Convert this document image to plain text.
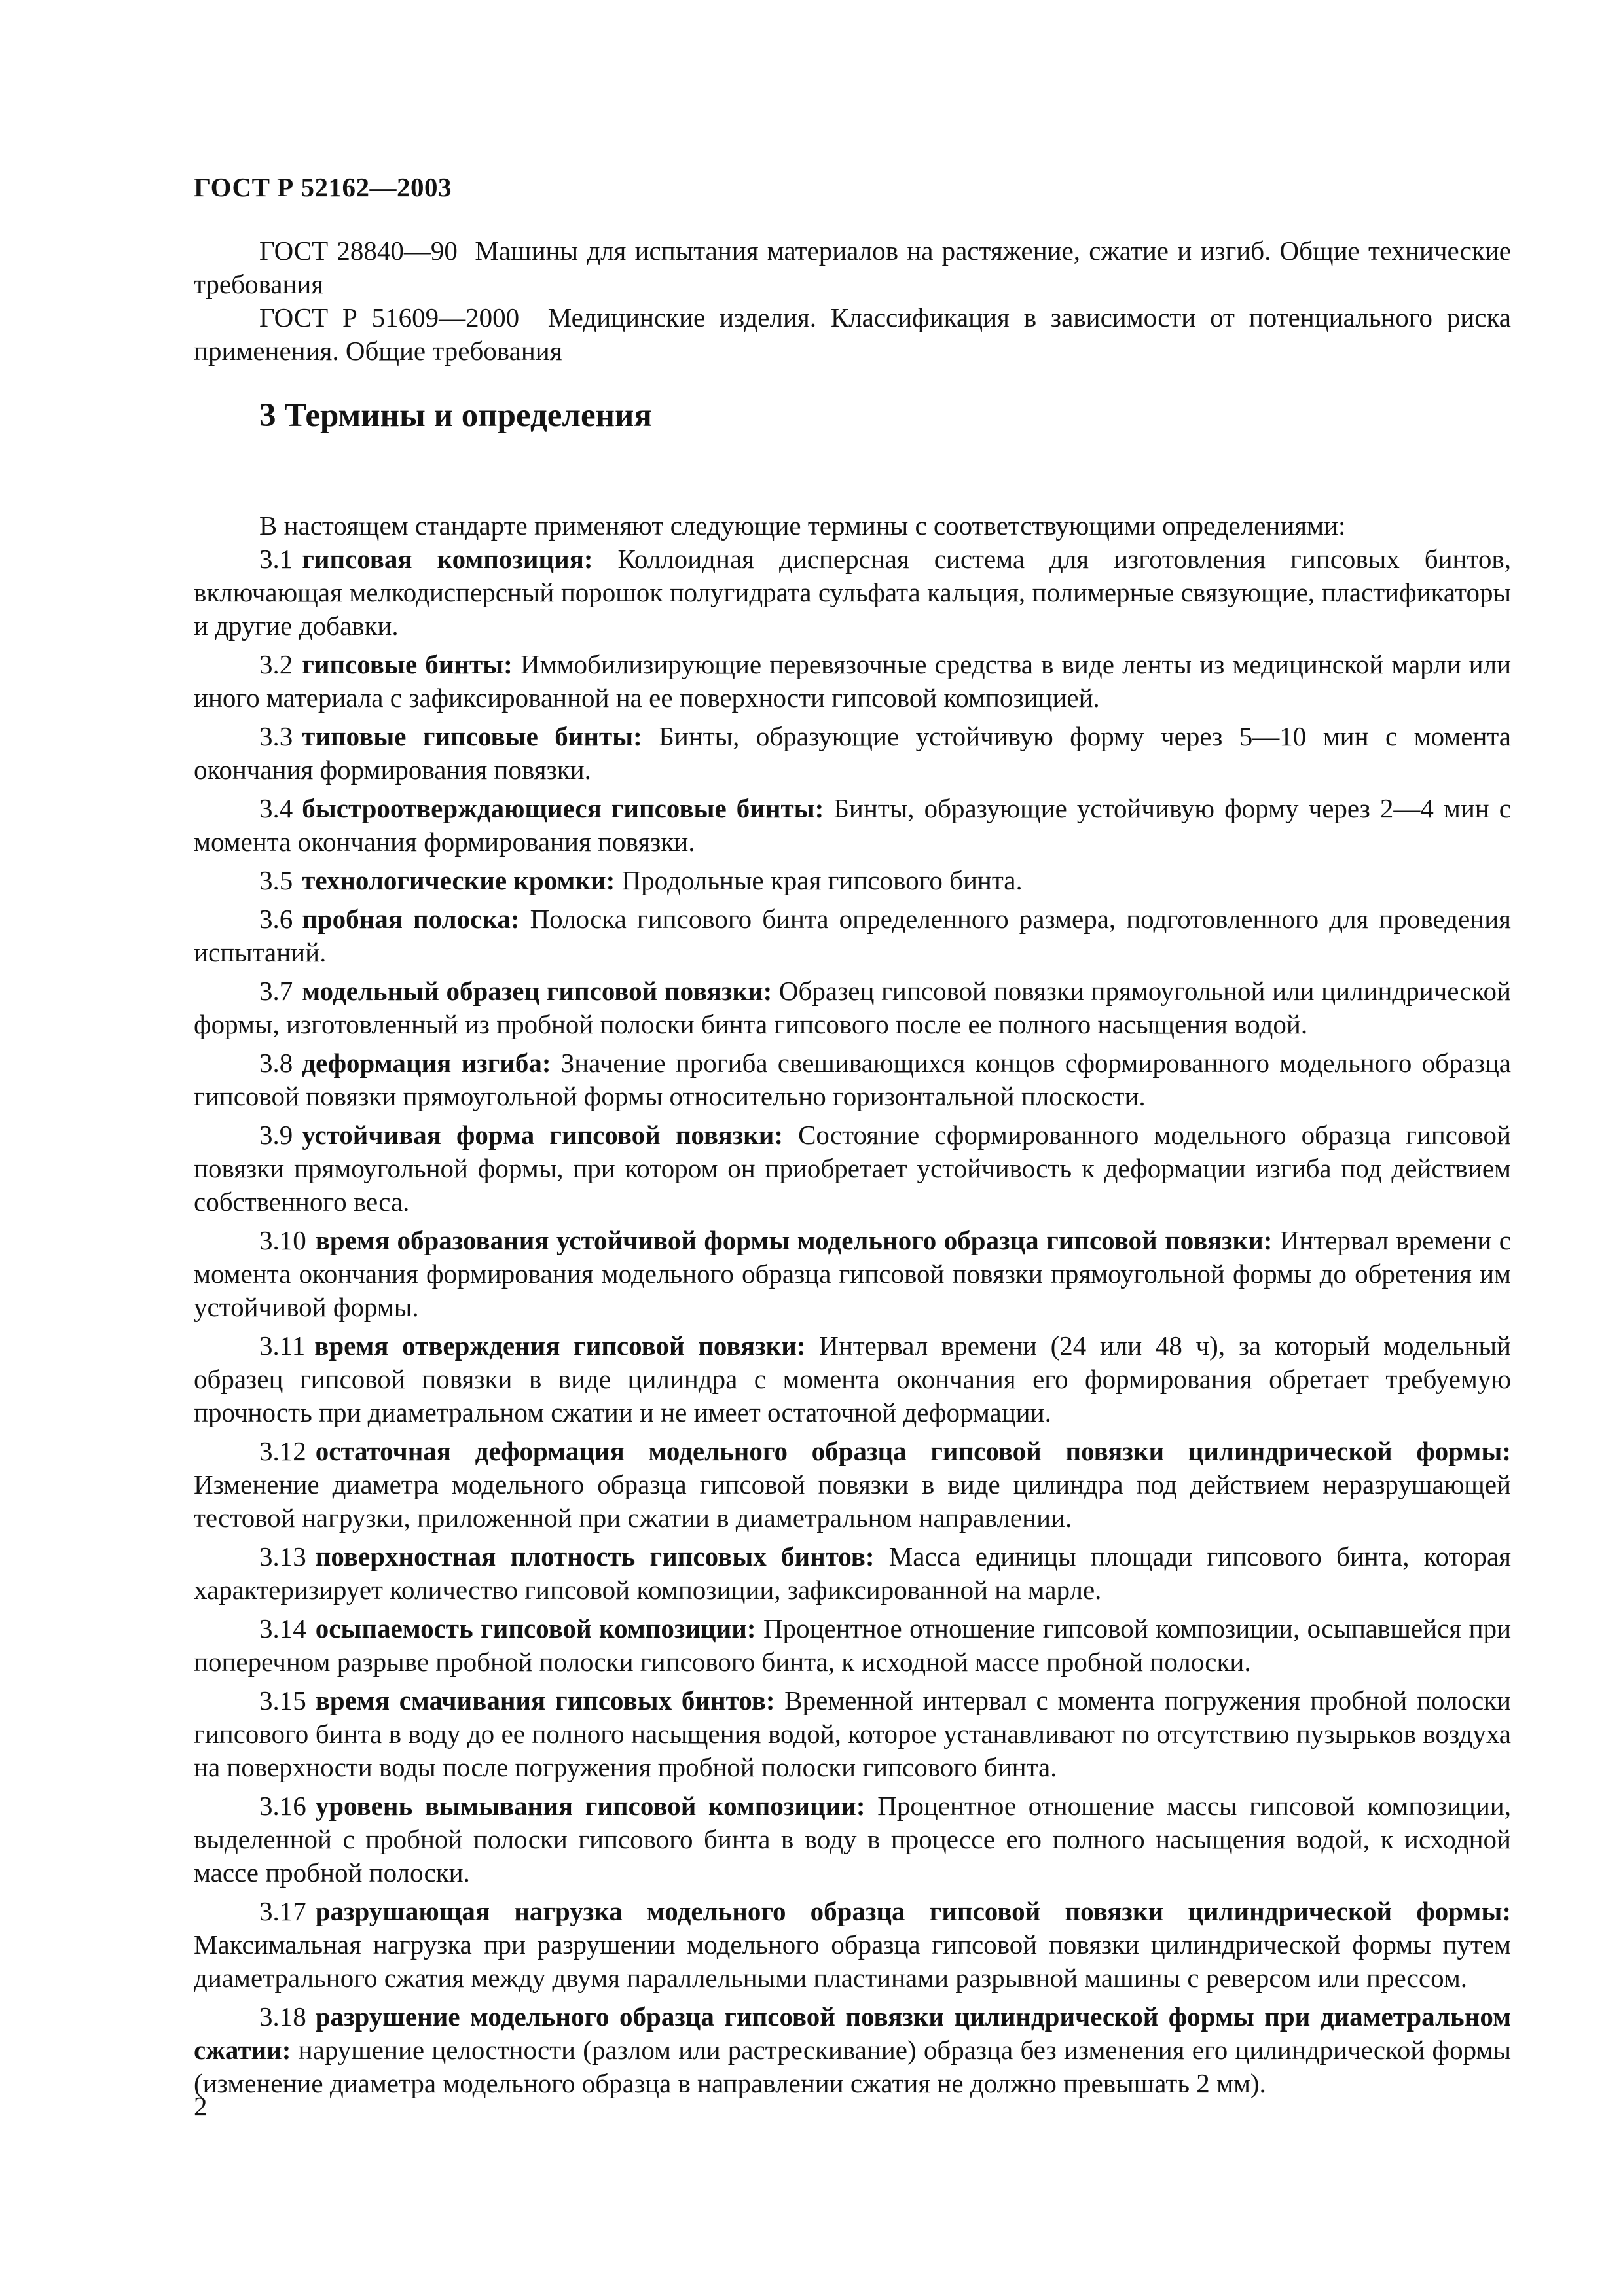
ГОСТ Р 52162—2003

ГОСТ 28840—90 Машины для испытания материалов на растяжение, сжатие и изгиб. Общие технические требования

ГОСТ Р 51609—2000 Медицинские изделия. Классификация в зависимости от потенциального риска применения. Общие требования

3 Термины и определения

В настоящем стандарте применяют следующие термины с соответствующими определениями:

3.1 гипсовая композиция: Коллоидная дисперсная система для изготовления гипсовых бинтов, включающая мелкодисперсный порошок полугидрата сульфата кальция, полимерные связующие, пластификаторы и другие добавки.

3.2 гипсовые бинты: Иммобилизирующие перевязочные средства в виде ленты из медицинской марли или иного материала с зафиксированной на ее поверхности гипсовой композицией.

3.3 типовые гипсовые бинты: Бинты, образующие устойчивую форму через 5—10 мин с момента окончания формирования повязки.

3.4 быстроотверждающиеся гипсовые бинты: Бинты, образующие устойчивую форму через 2—4 мин с момента окончания формирования повязки.

3.5 технологические кромки: Продольные края гипсового бинта.

3.6 пробная полоска: Полоска гипсового бинта определенного размера, подготовленного для проведения испытаний.

3.7 модельный образец гипсовой повязки: Образец гипсовой повязки прямоугольной или цилиндрической формы, изготовленный из пробной полоски бинта гипсового после ее полного насыщения водой.

3.8 деформация изгиба: Значение прогиба свешивающихся концов сформированного модельного образца гипсовой повязки прямоугольной формы относительно горизонтальной плоскости.

3.9 устойчивая форма гипсовой повязки: Состояние сформированного модельного образца гипсовой повязки прямоугольной формы, при котором он приобретает устойчивость к деформации изгиба под действием собственного веса.

3.10 время образования устойчивой формы модельного образца гипсовой повязки: Интервал времени с момента окончания формирования модельного образца гипсовой повязки прямоугольной формы до обретения им устойчивой формы.

3.11 время отверждения гипсовой повязки: Интервал времени (24 или 48 ч), за который модельный образец гипсовой повязки в виде цилиндра с момента окончания его формирования обретает требуемую прочность при диаметральном сжатии и не имеет остаточной деформации.

3.12 остаточная деформация модельного образца гипсовой повязки цилиндрической формы: Изменение диаметра модельного образца гипсовой повязки в виде цилиндра под действием неразрушающей тестовой нагрузки, приложенной при сжатии в диаметральном направлении.

3.13 поверхностная плотность гипсовых бинтов: Масса единицы площади гипсового бинта, которая характеризирует количество гипсовой композиции, зафиксированной на марле.

3.14 осыпаемость гипсовой композиции: Процентное отношение гипсовой композиции, осыпавшейся при поперечном разрыве пробной полоски гипсового бинта, к исходной массе пробной полоски.

3.15 время смачивания гипсовых бинтов: Временной интервал с момента погружения пробной полоски гипсового бинта в воду до ее полного насыщения водой, которое устанавливают по отсутствию пузырьков воздуха на поверхности воды после погружения пробной полоски гипсового бинта.

3.16 уровень вымывания гипсовой композиции: Процентное отношение массы гипсовой композиции, выделенной с пробной полоски гипсового бинта в воду в процессе его полного насыщения водой, к исходной массе пробной полоски.

3.17 разрушающая нагрузка модельного образца гипсовой повязки цилиндрической формы: Максимальная нагрузка при разрушении модельного образца гипсовой повязки цилиндрической формы путем диаметрального сжатия между двумя параллельными пластинами разрывной машины с реверсом или прессом.

3.18 разрушение модельного образца гипсовой повязки цилиндрической формы при диаметральном сжатии: нарушение целостности (разлом или растрескивание) образца без изменения его цилиндрической формы (изменение диаметра модельного образца в направлении сжатия не должно превышать 2 мм).

2
